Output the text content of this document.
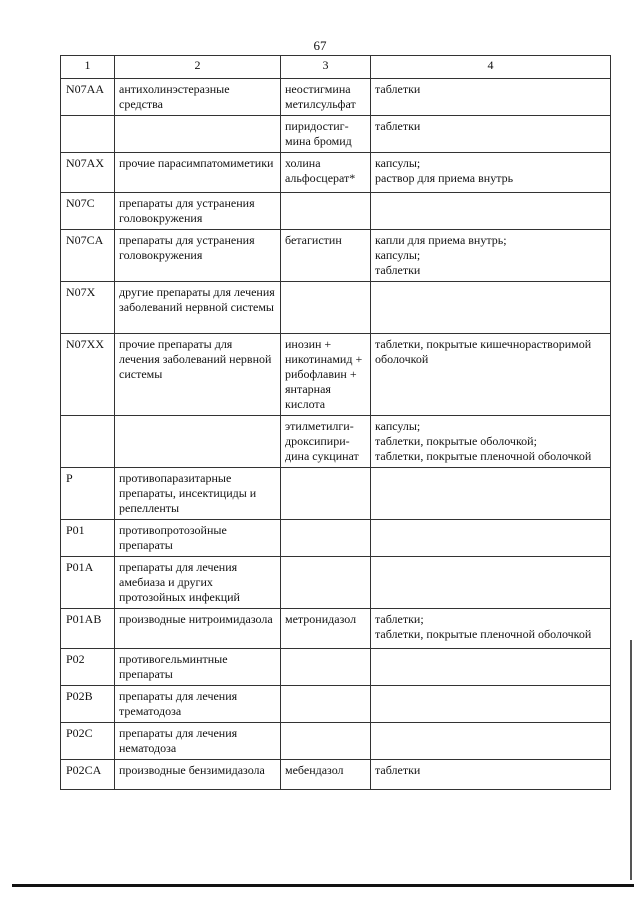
67
1	2	3	4
N07AA	антихолинэстеразные средства	неостигмина метилсульфат	таблетки

		пиридостиг-мина бромид	таблетки

N07AX	прочие парасимпатомиметики	холина альфосцерат*	капсулы;
раствор для приема внутрь

N07C	препараты для устранения головокружения		
N07CA	препараты для устранения головокружения	бетагистин	капли для приема внутрь;
капсулы;
таблетки

N07X	другие препараты для лечения заболеваний нервной системы		
N07XX	прочие препараты для лечения заболеваний нервной системы	инозин + никотинамид + рибофлавин + янтарная кислота	таблетки, покрытые кишечнорастворимой оболочкой

		этилметилги-дроксипири-дина сукцинат	капсулы;
таблетки, покрытые оболочкой;
таблетки, покрытые пленочной оболочкой

P	противопаразитарные препараты, инсектициды и репелленты		
P01	противопротозойные препараты		
P01A	препараты для лечения амебиаза и других протозойных инфекций		
P01AB	производные нитроимидазола	метронидазол	таблетки;
таблетки, покрытые пленочной оболочкой

P02	противогельминтные препараты		
P02B	препараты для лечения трематодоза		
P02C	препараты для лечения нематодоза		
P02CA	производные бензимидазола	мебендазол	таблетки
